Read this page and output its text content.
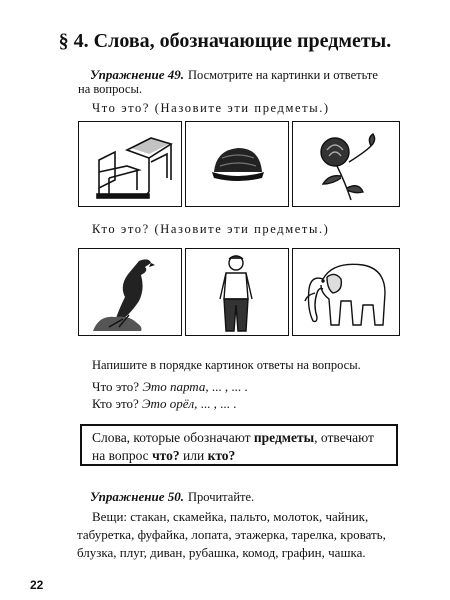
§ 4. Слова, обозначающие предметы.
Упражнение 49. Посмотрите на картинки и ответьте
на вопросы.
Что это? (Назовите эти предметы.)
Кто это? (Назовите эти предметы.)
Напишите в порядке картинок ответы на вопросы.
Что это? Это парта, ... , ... .
Кто это? Это орёл, ... , ... .
Слова, которые обозначают предметы, отвечают
на вопрос что? или кто?
Упражнение 50. Прочитайте.
Вещи: стакан, скамейка, пальто, молоток, чайник,
табуретка, фуфайка, лопата, этажерка, тарелка, кровать,
блузка, плуг, диван, рубашка, комод, графин, чашка.
22
